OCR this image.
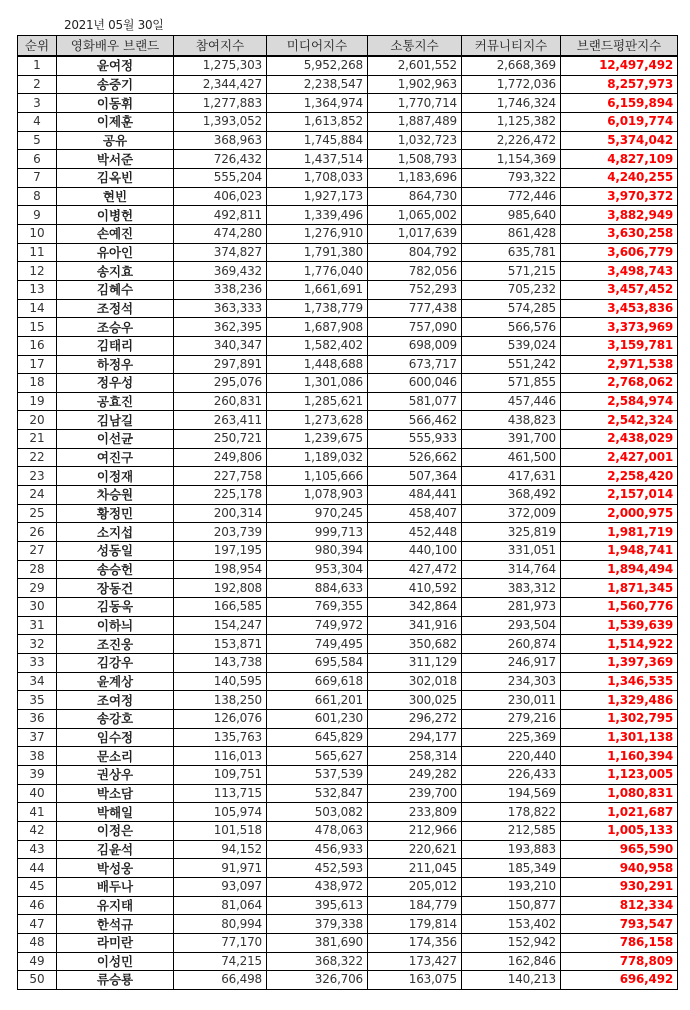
2021년 05월 30일
순위	영화배우 브랜드	참여지수	미디어지수	소통지수	커뮤니티지수	브랜드평판지수
1	윤여정	1,275,303	5,952,268	2,601,552	2,668,369	12,497,492
2	송중기	2,344,427	2,238,547	1,902,963	1,772,036	8,257,973
3	이동휘	1,277,883	1,364,974	1,770,714	1,746,324	6,159,894
4	이제훈	1,393,052	1,613,852	1,887,489	1,125,382	6,019,774
5	공유	368,963	1,745,884	1,032,723	2,226,472	5,374,042
6	박서준	726,432	1,437,514	1,508,793	1,154,369	4,827,109
7	김옥빈	555,204	1,708,033	1,183,696	793,322	4,240,255
8	현빈	406,023	1,927,173	864,730	772,446	3,970,372
9	이병헌	492,811	1,339,496	1,065,002	985,640	3,882,949
10	손예진	474,280	1,276,910	1,017,639	861,428	3,630,258
11	유아인	374,827	1,791,380	804,792	635,781	3,606,779
12	송지효	369,432	1,776,040	782,056	571,215	3,498,743
13	김혜수	338,236	1,661,691	752,293	705,232	3,457,452
14	조정석	363,333	1,738,779	777,438	574,285	3,453,836
15	조승우	362,395	1,687,908	757,090	566,576	3,373,969
16	김태리	340,347	1,582,402	698,009	539,024	3,159,781
17	하정우	297,891	1,448,688	673,717	551,242	2,971,538
18	정우성	295,076	1,301,086	600,046	571,855	2,768,062
19	공효진	260,831	1,285,621	581,077	457,446	2,584,974
20	김남길	263,411	1,273,628	566,462	438,823	2,542,324
21	이선균	250,721	1,239,675	555,933	391,700	2,438,029
22	여진구	249,806	1,189,032	526,662	461,500	2,427,001
23	이정재	227,758	1,105,666	507,364	417,631	2,258,420
24	차승원	225,178	1,078,903	484,441	368,492	2,157,014
25	황정민	200,314	970,245	458,407	372,009	2,000,975
26	소지섭	203,739	999,713	452,448	325,819	1,981,719
27	성동일	197,195	980,394	440,100	331,051	1,948,741
28	송승헌	198,954	953,304	427,472	314,764	1,894,494
29	장동건	192,808	884,633	410,592	383,312	1,871,345
30	김동욱	166,585	769,355	342,864	281,973	1,560,776
31	이하늬	154,247	749,972	341,916	293,504	1,539,639
32	조진웅	153,871	749,495	350,682	260,874	1,514,922
33	김강우	143,738	695,584	311,129	246,917	1,397,369
34	윤계상	140,595	669,618	302,018	234,303	1,346,535
35	조여정	138,250	661,201	300,025	230,011	1,329,486
36	송강호	126,076	601,230	296,272	279,216	1,302,795
37	임수정	135,763	645,829	294,177	225,369	1,301,138
38	문소리	116,013	565,627	258,314	220,440	1,160,394
39	권상우	109,751	537,539	249,282	226,433	1,123,005
40	박소담	113,715	532,847	239,700	194,569	1,080,831
41	박해일	105,974	503,082	233,809	178,822	1,021,687
42	이정은	101,518	478,063	212,966	212,585	1,005,133
43	김윤석	94,152	456,933	220,621	193,883	965,590
44	박성웅	91,971	452,593	211,045	185,349	940,958
45	배두나	93,097	438,972	205,012	193,210	930,291
46	유지태	81,064	395,613	184,779	150,877	812,334
47	한석규	80,994	379,338	179,814	153,402	793,547
48	라미란	77,170	381,690	174,356	152,942	786,158
49	이성민	74,215	368,322	173,427	162,846	778,809
50	류승룡	66,498	326,706	163,075	140,213	696,492
